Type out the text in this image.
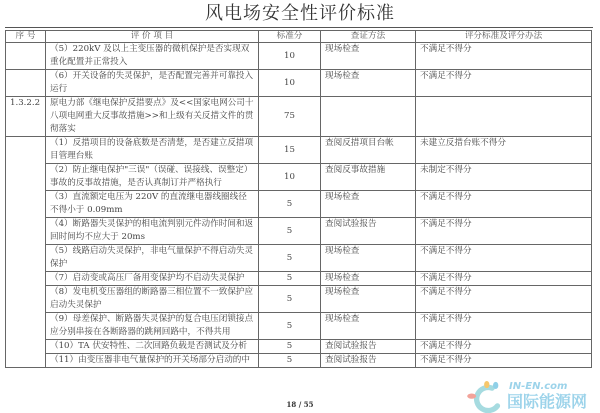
风电场安全性评价标准
序 号	评 价 项 目	标准分	查证方法	评分标准及评分办法
	（5）220kV 及以上主变压器的微机保护是否实现双重化配置并正常投入	10	现场检查	不满足不得分
	（6）开关设备的失灵保护，是否配置完善并可靠投入运行	10	现场检查	不满足不得分
1.3.2.2	原电力部《继电保护反措要点》及<<国家电网公司十八项电网重大反事故措施>>和上级有关反措文件的贯彻落实	75		
	（1）反措项目的设备底数是否清楚，是否建立反措项目管理台账	15	查阅反措项目台帐	未建立反措台账不得分
	（2）防止继电保护"三误"（误碰、误接线、误整定）事故的反事故措施，是否认真制订并严格执行	10	查阅反事故措施	未制定不得分
	（3）直流额定电压为 220V 的直流继电器线圈线径不得小于 0.09mm	5	现场检查	不满足不得分
	（4）断路器失灵保护的相电流判别元件动作时间和返回时间均不应大于 20ms	5	查阅试验报告	不满足不得分
	（5）线路启动失灵保护，非电气量保护不得启动失灵保护	5	现场检查	不满足不得分
	（7）启动变或高压厂备用变保护均不启动失灵保护	5	现场检查	不满足不得分
	（8）发电机变压器组的断路器三相位置不一致保护应启动失灵保护	5	现场检查	不满足不得分
	（9）母差保护、断路器失灵保护的复合电压闭锁接点应分别串接在各断路器的跳闸回路中，不得共用	5	现场检查	不满足不得分
	（10）TA 伏安特性、二次回路负载是否测试及分析	5	查阅试验报告	不满足不得分
	（11）由变压器非电气量保护的开关场部分启动的中	5	查阅试验报告	不满足不得分
18 / 55
IN-EN.com
国际能源网
